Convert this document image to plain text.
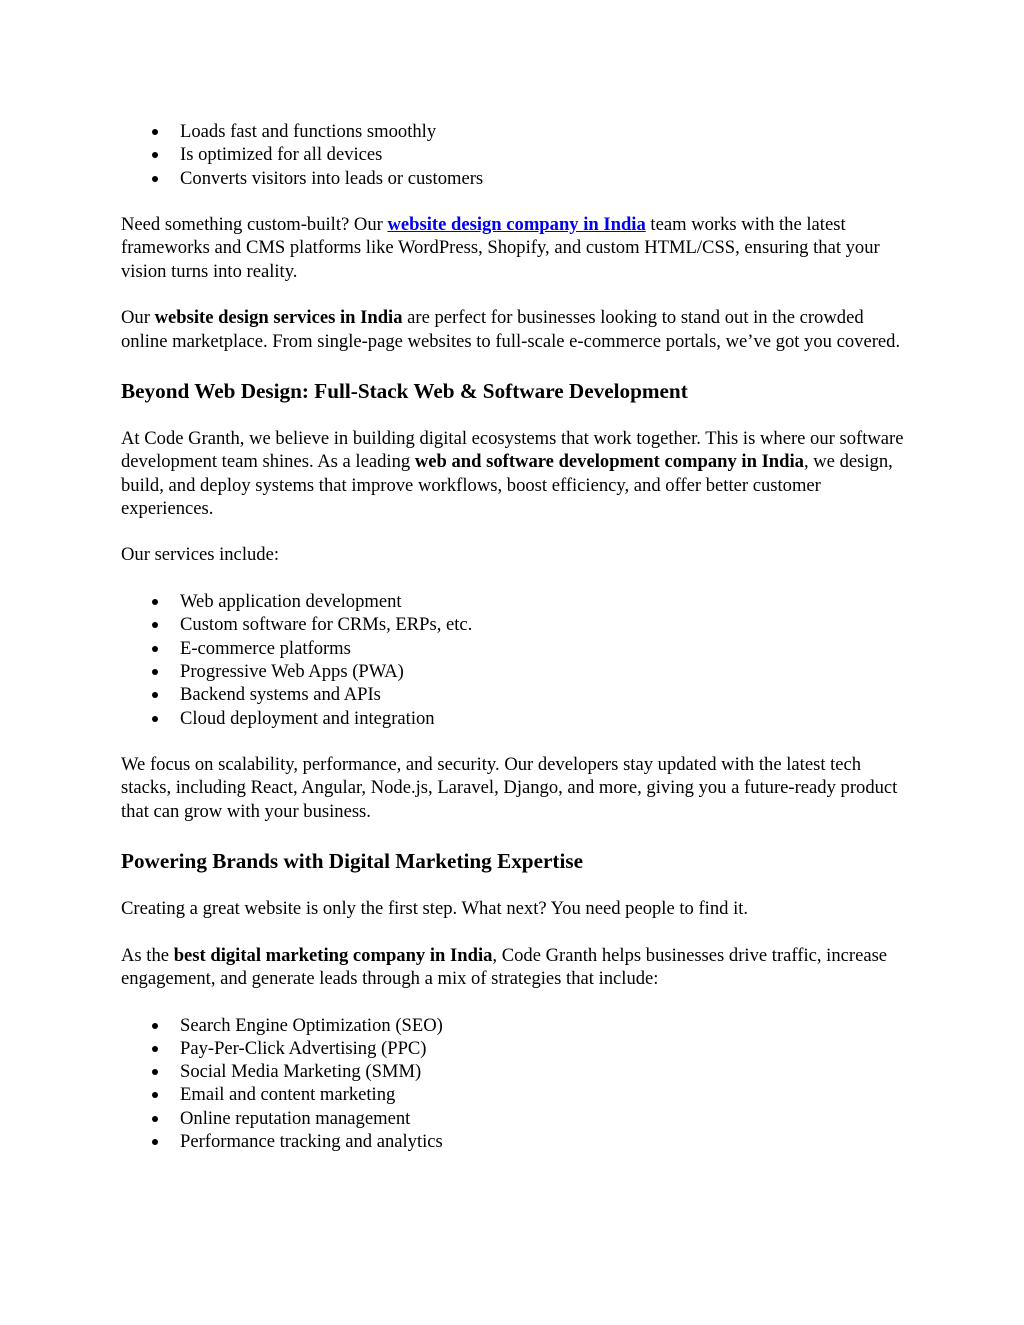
Loads fast and functions smoothly
Is optimized for all devices
Converts visitors into leads or customers

Need something custom-built? Our website design company in India team works with the latest frameworks and CMS platforms like WordPress, Shopify, and custom HTML/CSS, ensuring that your vision turns into reality.

Our website design services in India are perfect for businesses looking to stand out in the crowded online marketplace. From single-page websites to full-scale e-commerce portals, we’ve got you covered.

Beyond Web Design: Full-Stack Web & Software Development

At Code Granth, we believe in building digital ecosystems that work together. This is where our software development team shines. As a leading web and software development company in India, we design, build, and deploy systems that improve workflows, boost efficiency, and offer better customer experiences.

Our services include:

Web application development
Custom software for CRMs, ERPs, etc.
E-commerce platforms
Progressive Web Apps (PWA)
Backend systems and APIs
Cloud deployment and integration

We focus on scalability, performance, and security. Our developers stay updated with the latest tech stacks, including React, Angular, Node.js, Laravel, Django, and more, giving you a future-ready product that can grow with your business.

Powering Brands with Digital Marketing Expertise

Creating a great website is only the first step. What next? You need people to find it.

As the best digital marketing company in India, Code Granth helps businesses drive traffic, increase engagement, and generate leads through a mix of strategies that include:

Search Engine Optimization (SEO)
Pay-Per-Click Advertising (PPC)
Social Media Marketing (SMM)
Email and content marketing
Online reputation management
Performance tracking and analytics
